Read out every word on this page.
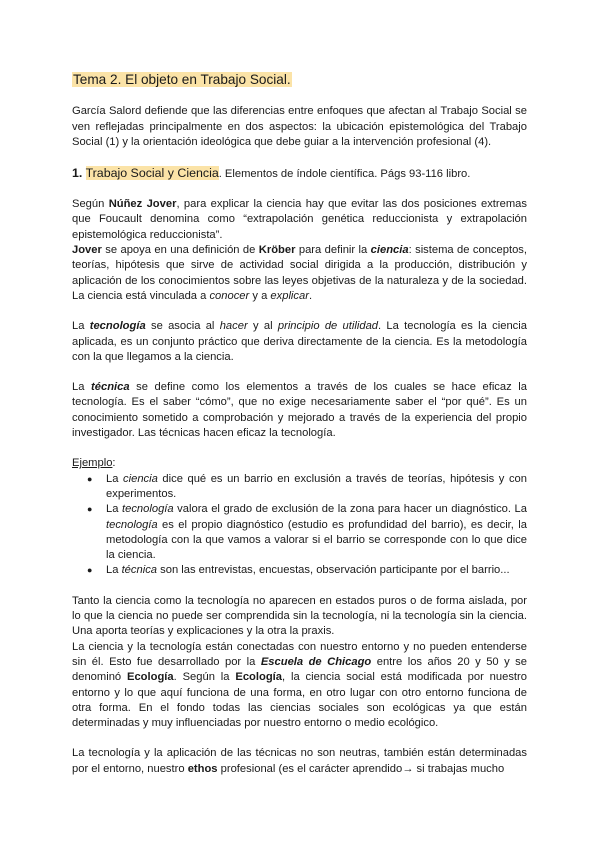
Tema 2. El objeto en Trabajo Social.

García Salord defiende que las diferencias entre enfoques que afectan al Trabajo Social se ven reflejadas principalmente en dos aspectos: la ubicación epistemológica del Trabajo Social (1) y la orientación ideológica que debe guiar a la intervención profesional (4).

1. Trabajo Social y Ciencia. Elementos de índole científica. Págs 93-116 libro.

Según Núñez Jover, para explicar la ciencia hay que evitar las dos posiciones extremas que Foucault denomina como “extrapolación genética reduccionista y extrapolación epistemológica reduccionista”.

Jover se apoya en una definición de Kröber para definir la ciencia: sistema de conceptos, teorías, hipótesis que sirve de actividad social dirigida a la producción, distribución y aplicación de los conocimientos sobre las leyes objetivas de la naturaleza y de la sociedad. La ciencia está vinculada a conocer y a explicar.

La tecnología se asocia al hacer y al principio de utilidad. La tecnología es la ciencia aplicada, es un conjunto práctico que deriva directamente de la ciencia. Es la metodología con la que llegamos a la ciencia.

La técnica se define como los elementos a través de los cuales se hace eficaz la tecnología. Es el saber “cómo”, que no exige necesariamente saber el “por qué”. Es un conocimiento sometido a comprobación y mejorado a través de la experiencia del propio investigador. Las técnicas hacen eficaz la tecnología.

Ejemplo:

● La ciencia dice qué es un barrio en exclusión a través de teorías, hipótesis y con experimentos.
● La tecnología valora el grado de exclusión de la zona para hacer un diagnóstico. La tecnología es el propio diagnóstico (estudio es profundidad del barrio), es decir, la metodología con la que vamos a valorar si el barrio se corresponde con lo que dice la ciencia.
● La técnica son las entrevistas, encuestas, observación participante por el barrio...

Tanto la ciencia como la tecnología no aparecen en estados puros o de forma aislada, por lo que la ciencia no puede ser comprendida sin la tecnología, ni la tecnología sin la ciencia. Una aporta teorías y explicaciones y la otra la praxis.

La ciencia y la tecnología están conectadas con nuestro entorno y no pueden entenderse sin él. Esto fue desarrollado por la Escuela de Chicago entre los años 20 y 50 y se denominó Ecología. Según la Ecología, la ciencia social está modificada por nuestro entorno y lo que aquí funciona de una forma, en otro lugar con otro entorno funciona de otra forma. En el fondo todas las ciencias sociales son ecológicas ya que están determinadas y muy influenciadas por nuestro entorno o medio ecológico.

La tecnología y la aplicación de las técnicas no son neutras, también están determinadas por el entorno, nuestro ethos profesional (es el carácter aprendido→ si trabajas mucho
